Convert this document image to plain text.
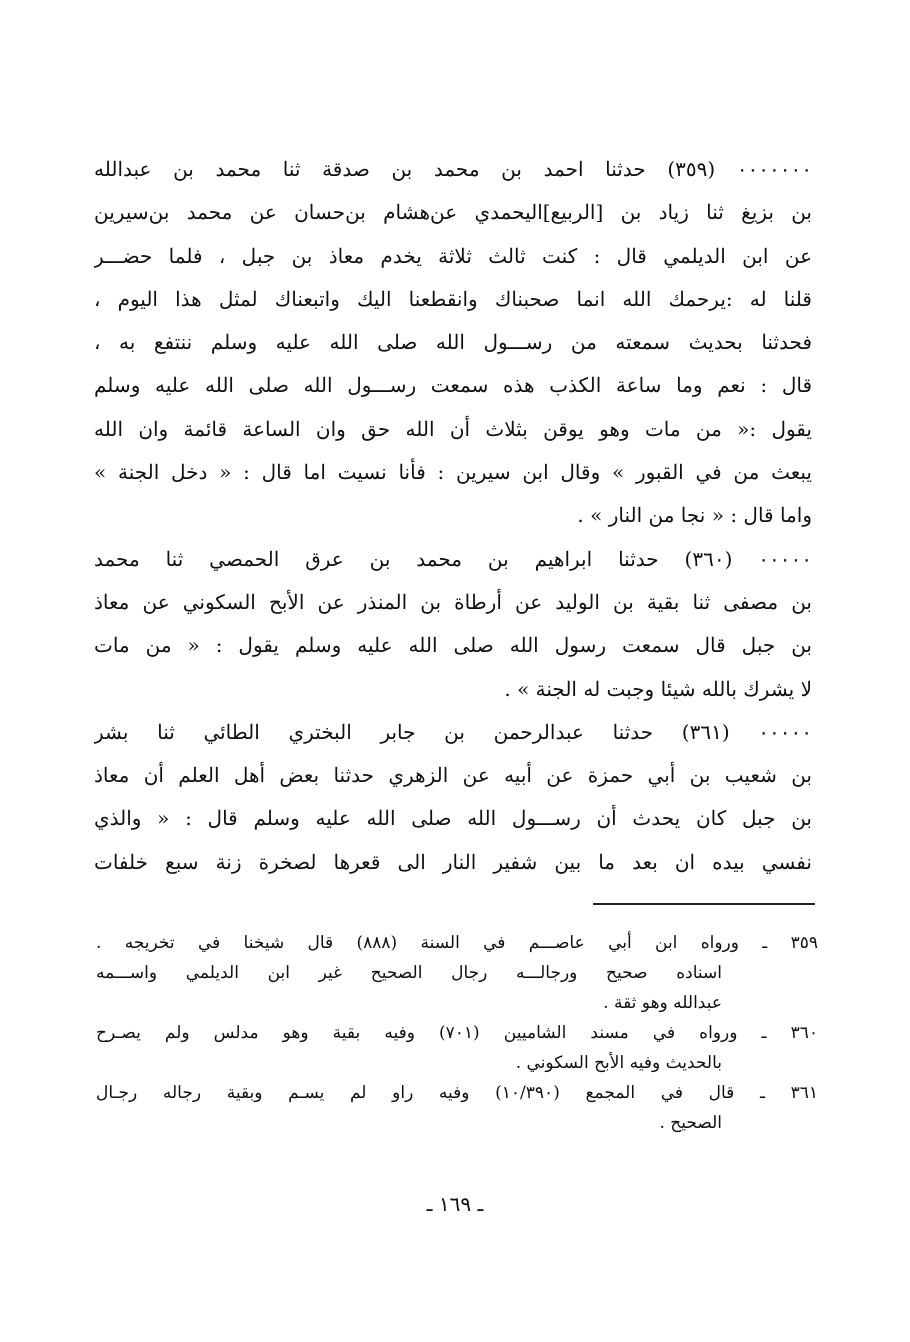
۰۰۰۰۰۰۰ (٣٥٩) حدثنا احمد بن محمد بن صدقة ثنا محمد بن عبدالله
بن بزيغ ثنا زياد بن [الربيع]اليحمدي عن‌هشام بن‌حسان عن محمد بن‌سيرين
عن ابن الديلمي قال : كنت ثالث ثلاثة يخدم معاذ بن جبل ، فلما حضـــر
قلنا له :يرحمك الله انما صحبناك وانقطعنا اليك واتبعناك لمثل هذا اليوم ،
فحدثنا بحديث سمعته من رســـول الله صلى الله عليه وسلم ننتفع به ،
قال : نعم وما ساعة الكذب هذه سمعت رســـول الله صلى الله عليه وسلم
يقول :« من مات وهو يوقن بثلاث أن الله حق وان الساعة قائمة وان الله
يبعث من في القبور » وقال ابن سيرين : فأنا نسيت اما قال : « دخل الجنة »
واما قال : « نجا من النار » .
۰۰۰۰۰ (٣٦٠) حدثنا ابراهيم بن محمد بن عرق الحمصي ثنا محمد
بن مصفى ثنا بقية بن الوليد عن أرطاة بن المنذر عن الأبح السكوني عن معاذ
بن جبل قال سمعت رسول الله صلى الله عليه وسلم يقول : « من مات
لا يشرك بالله شيئا وجبت له الجنة » .
۰۰۰۰۰ (٣٦١) حدثنا عبدالرحمن بن جابر البختري الطائي ثنا بشر
بن شعيب بن أبي حمزة عن أبيه عن الزهري حدثنا بعض أهل العلم أن معاذ
بن جبل كان يحدث أن رســـول الله صلى الله عليه وسلم قال : « والذي
نفسي بيده ان بعد ما بين شفير النار الى قعرها لصخرة زنة سبع خلفات
٣٥٩ ـ ورواه ابن أبي عاصـــم في السنة (٨٨٨) قال شيخنا في تخريجه .
اسناده صحيح ورجالـــه رجال الصحيح غير ابن الديلمي واســـمه
عبدالله وهو ثقة .
٣٦٠ ـ ورواه في مسند الشاميين (٧٠١) وفيه بقية وهو مدلس ولم يصـرح
بالحديث وفيه الأبح السكوني .
٣٦١ ـ قال في المجمع (١٠/٣٩٠) وفيه راو لم يسـم وبقية رجاله رجـال
الصحيح .
ـ ١٦٩ ـ
